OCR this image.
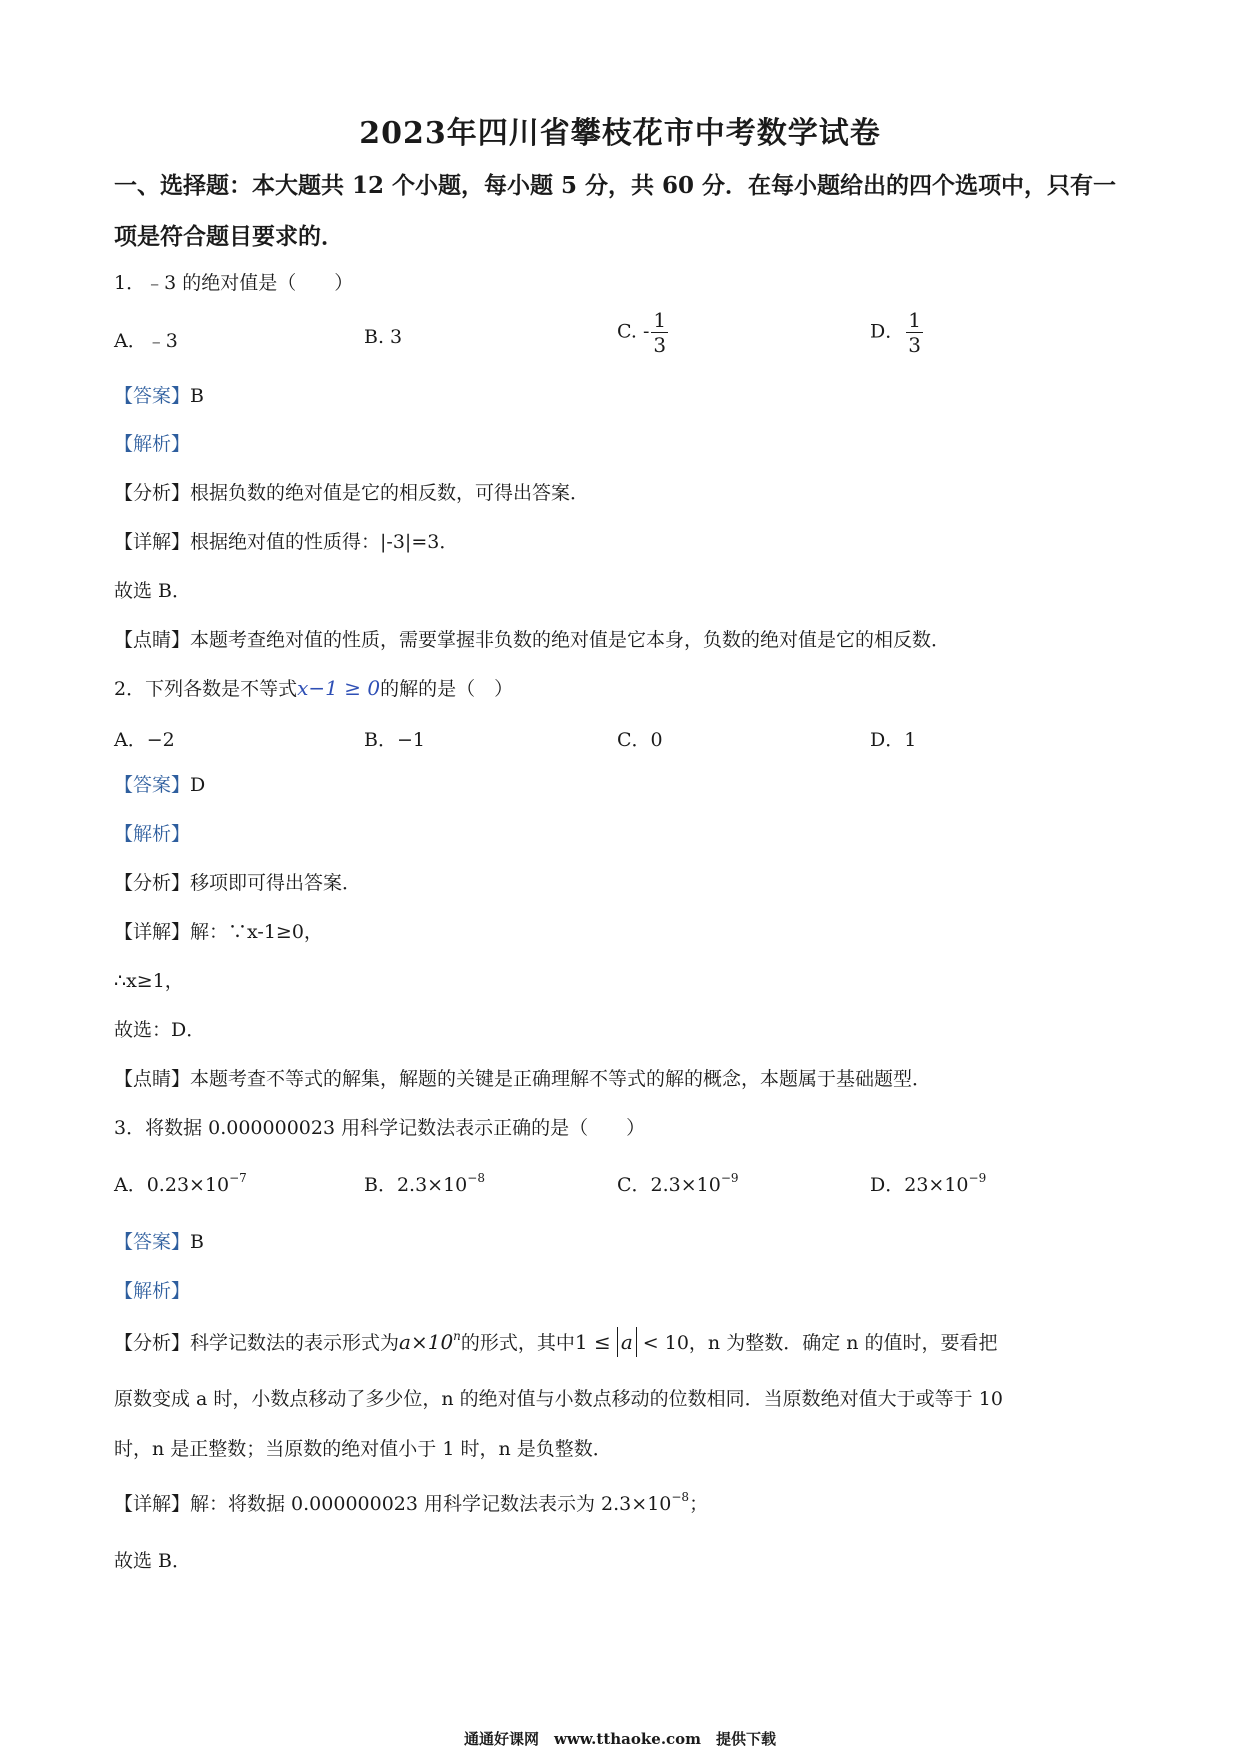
2023年四川省攀枝花市中考数学试卷
一、选择题：本大题共 12 个小题，每小题 5 分，共 60 分．在每小题给出的四个选项中，只有一项是符合题目要求的．
1．﹣3 的绝对值是（　　）
A．﹣3	B. 3	C. - $\frac{1}{3}$	D． $\frac{1}{3}$
【答案】B
【解析】
【分析】根据负数的绝对值是它的相反数，可得出答案．
【详解】根据绝对值的性质得：|-3|=3．
故选 B．
【点睛】本题考查绝对值的性质，需要掌握非负数的绝对值是它本身，负数的绝对值是它的相反数．
2．下列各数是不等式x−1 ≥ 0的解的是（　）
A．−2	B．−1	C．0	D．1
【答案】D
【解析】
【分析】移项即可得出答案．
【详解】解：∵x-1≥0，
∴x≥1，
故选：D．
【点睛】本题考查不等式的解集，解题的关键是正确理解不等式的解的概念，本题属于基础题型．
3．将数据 0.000000023 用科学记数法表示正确的是（　　）
A．$0.23\times 10^{-7}$	B．$2.3\times 10^{-8}$	C．$2.3\times 10^{-9}$	D．$23\times 10^{-9}$
【答案】B
【解析】
【分析】科学记数法的表示形式为$a\times 10^n$的形式，其中1 ≤ a < 10，n 为整数．确定 n 的值时，要看把
原数变成 a 时，小数点移动了多少位，n 的绝对值与小数点移动的位数相同．当原数绝对值大于或等于 10
时，n 是正整数；当原数的绝对值小于 1 时，n 是负整数．
【详解】解：将数据 0.000000023 用科学记数法表示为 $2.3\times 10^{-8}$；
故选 B．
通通好课网　www.tthaoke.com　提供下载
